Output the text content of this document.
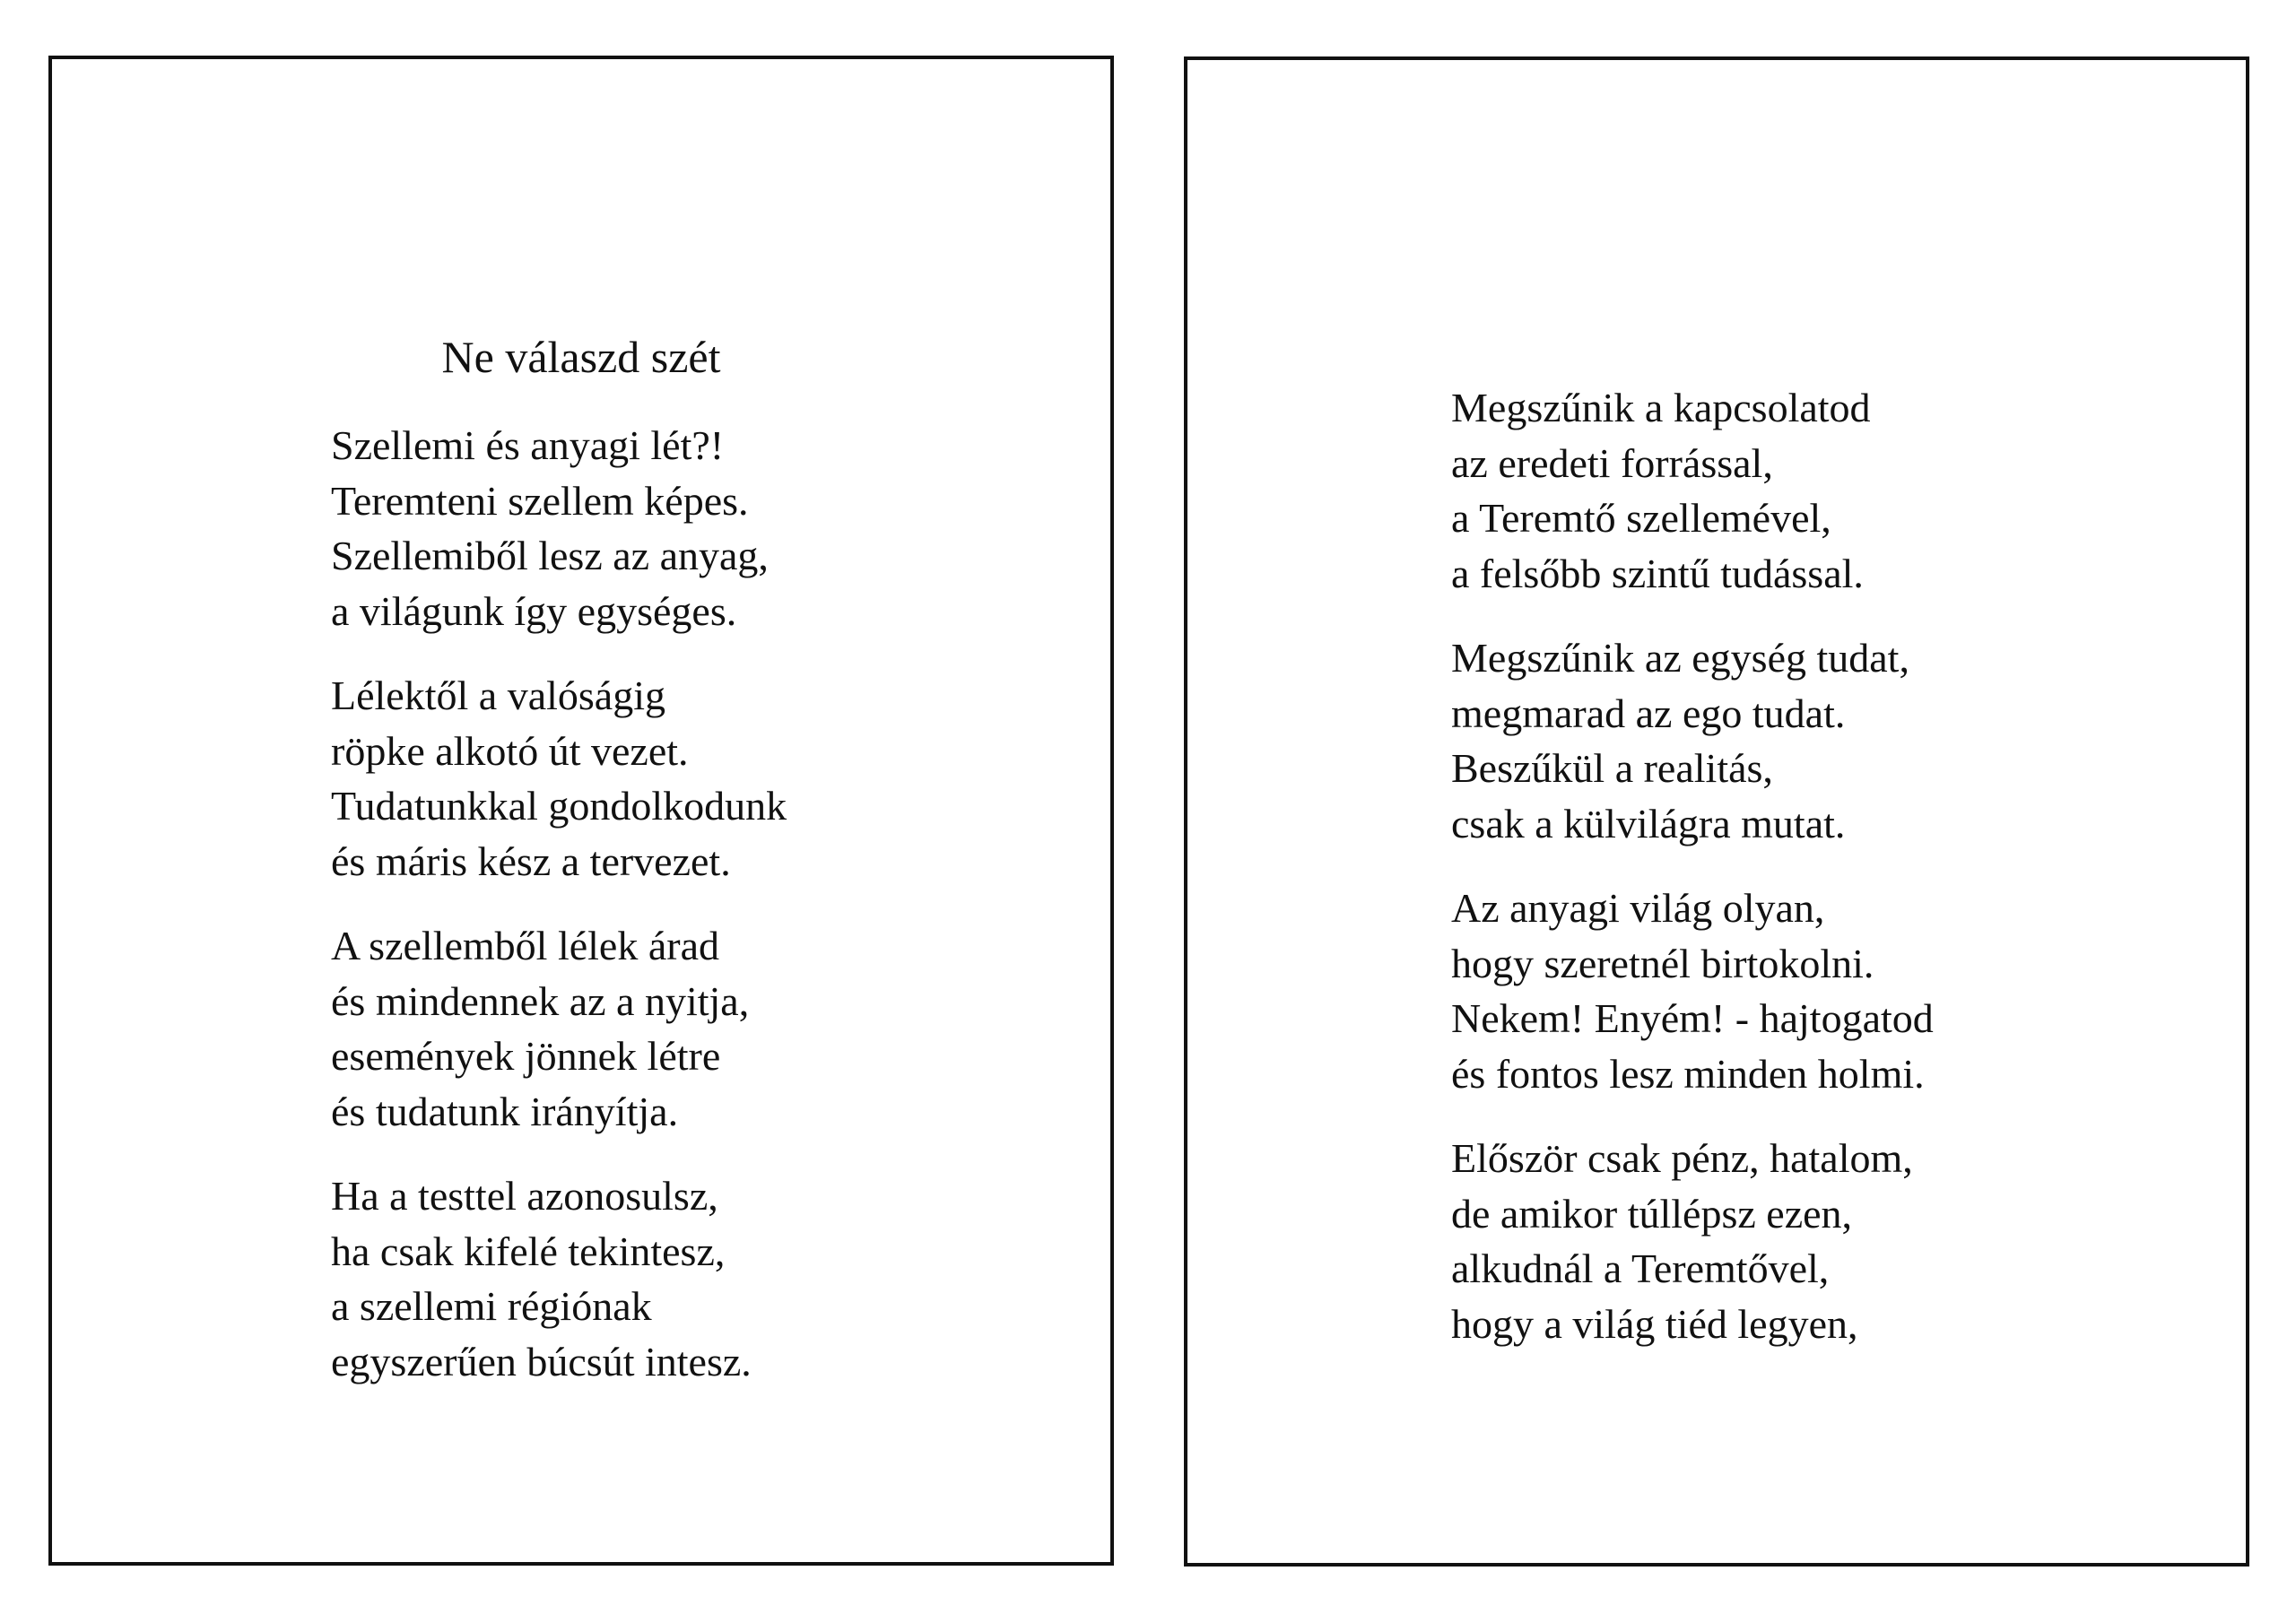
Ne válaszd szét

Szellemi és anyagi lét?!
Teremteni szellem képes.
Szellemiből lesz az anyag,
a világunk így egységes.

Lélektől a valóságig
röpke alkotó út vezet.
Tudatunkkal gondolkodunk
és máris kész a tervezet.

A szellemből lélek árad
és mindennek az a nyitja,
események jönnek létre
és tudatunk irányítja.

Ha a testtel azonosulsz,
ha csak kifelé tekintesz,
a szellemi régiónak
egyszerűen búcsút intesz.

Megszűnik a kapcsolatod
az eredeti forrással,
a Teremtő szellemével,
a felsőbb szintű tudással.

Megszűnik az egység tudat,
megmarad az ego tudat.
Beszűkül a realitás,
csak a külvilágra mutat.

Az anyagi világ olyan,
hogy szeretnél birtokolni.
Nekem! Enyém! - hajtogatod
és fontos lesz minden holmi.

Először csak pénz, hatalom,
de amikor túllépsz ezen,
alkudnál a Teremtővel,
hogy a világ tiéd legyen,
